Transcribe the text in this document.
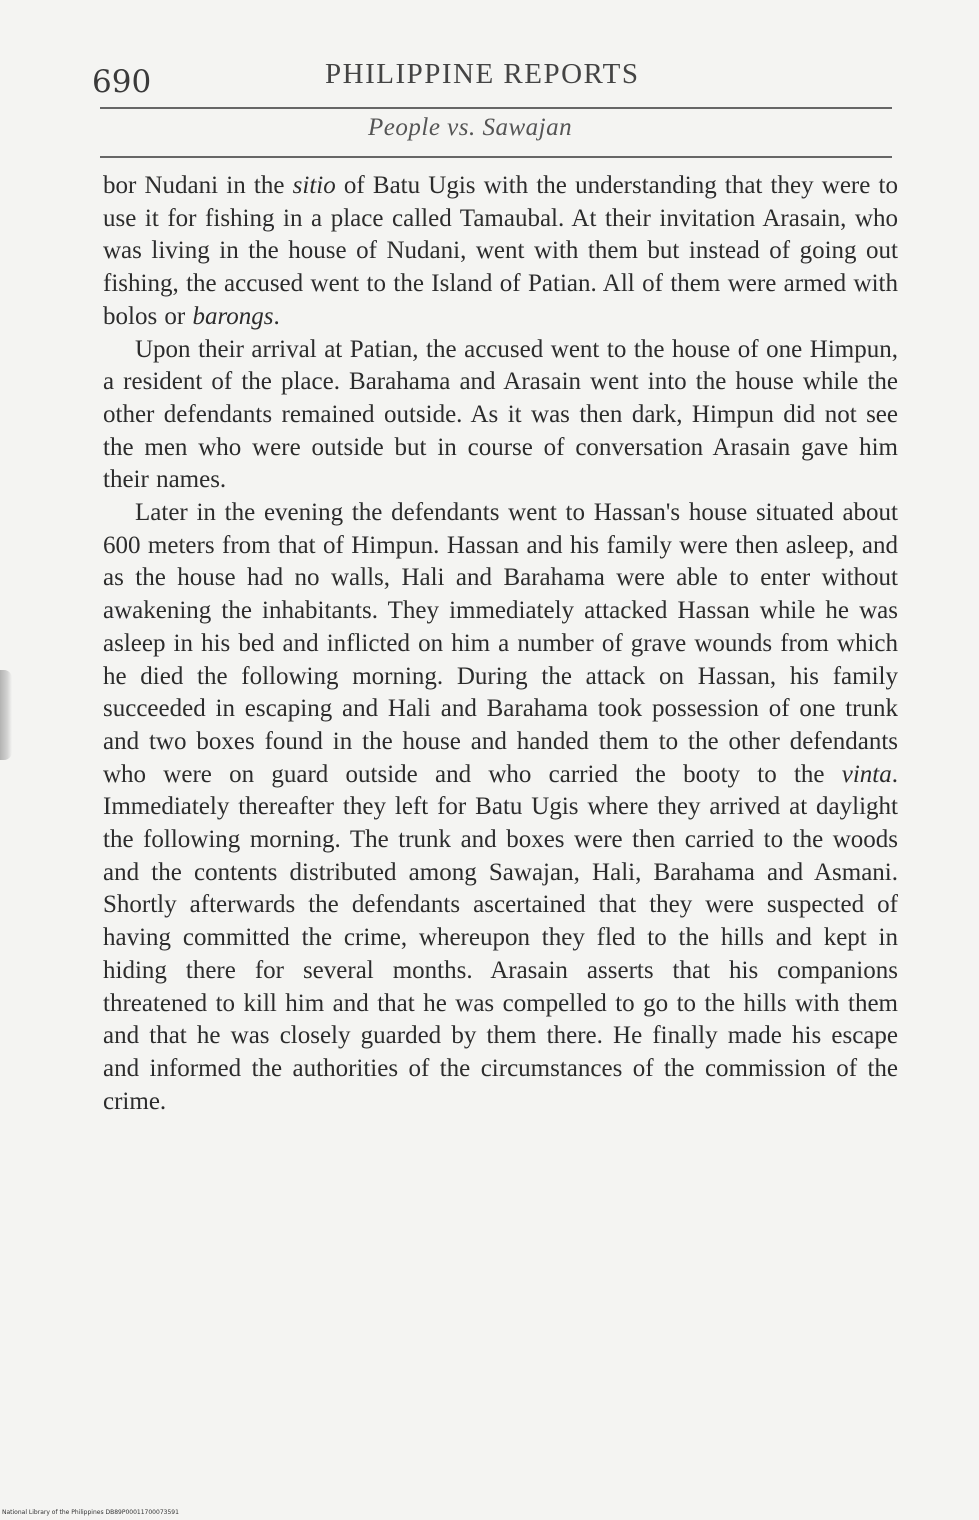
690	PHILIPPINE REPORTS
People vs. Sawajan

bor Nudani in the sitio of Batu Ugis with the understanding that they were to use it for fishing in a place called Tamaubal. At their invitation Arasain, who was living in the house of Nudani, went with them but instead of going out fishing, the accused went to the Island of Patian. All of them were armed with bolos or barongs.

Upon their arrival at Patian, the accused went to the house of one Himpun, a resident of the place. Barahama and Arasain went into the house while the other defendants remained outside. As it was then dark, Himpun did not see the men who were outside but in course of conversation Arasain gave him their names.

Later in the evening the defendants went to Hassan's house situated about 600 meters from that of Himpun. Hassan and his family were then asleep, and as the house had no walls, Hali and Barahama were able to enter without awakening the inhabitants. They immediately attacked Hassan while he was asleep in his bed and inflicted on him a number of grave wounds from which he died the following morning. During the attack on Hassan, his family succeeded in escaping and Hali and Barahama took possession of one trunk and two boxes found in the house and handed them to the other defendants who were on guard outside and who carried the booty to the vinta. Immediately thereafter they left for Batu Ugis where they arrived at daylight the following morning. The trunk and boxes were then carried to the woods and the contents distributed among Sawajan, Hali, Barahama and Asmani. Shortly afterwards the defendants ascertained that they were suspected of having committed the crime, whereupon they fled to the hills and kept in hiding there for several months. Arasain asserts that his companions threatened to kill him and that he was compelled to go to the hills with them and that he was closely guarded by them there. He finally made his escape and informed the authorities of the circumstances of the commission of the crime.

National Library of the Philippines DB89P00011700073591
